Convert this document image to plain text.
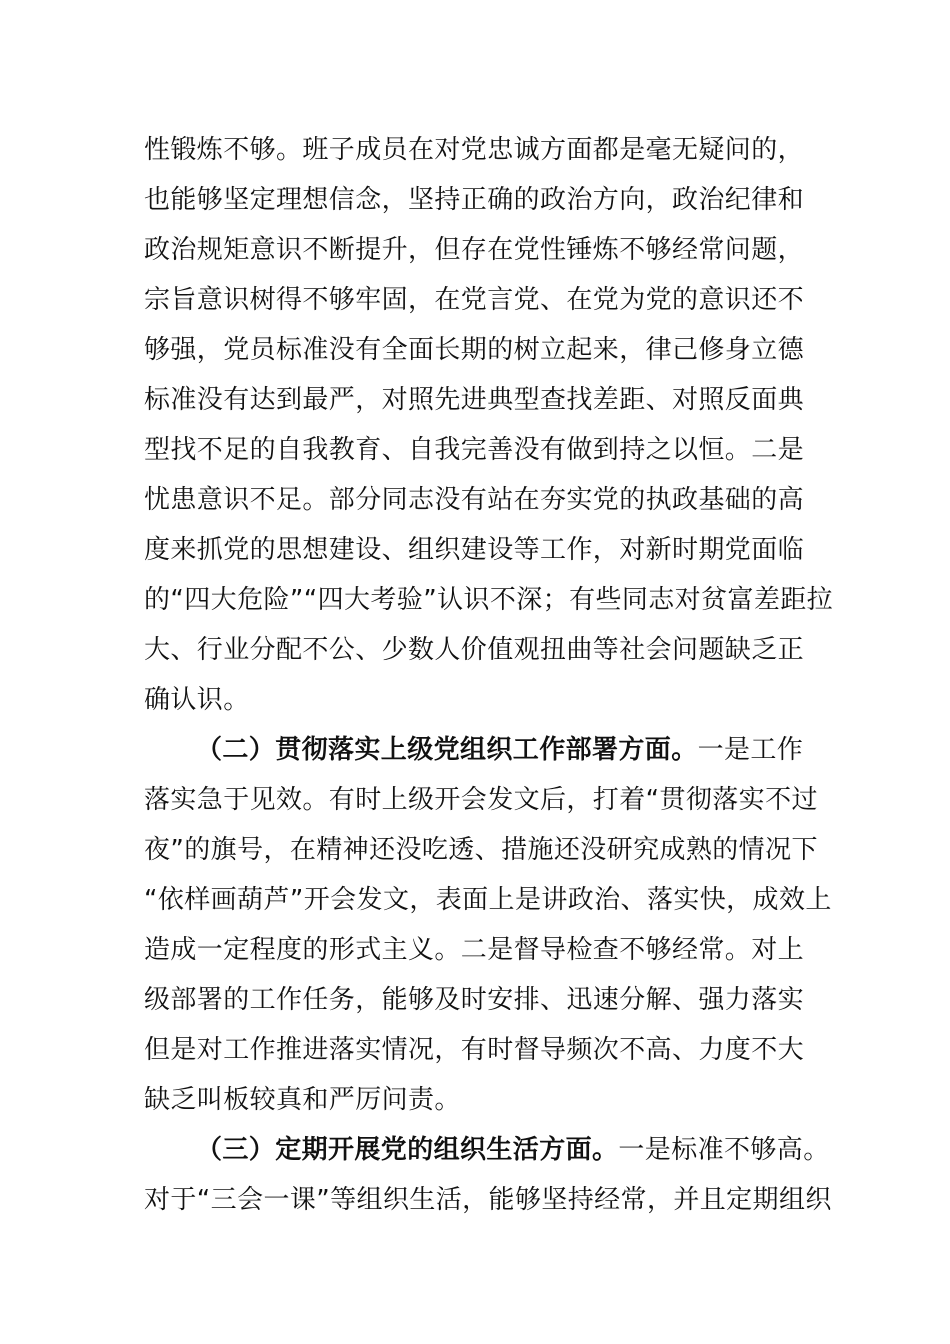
性锻炼不够。班子成员在对党忠诚方面都是毫无疑问的，
也能够坚定理想信念，坚持正确的政治方向，政治纪律和
政治规矩意识不断提升，但存在党性锤炼不够经常问题，
宗旨意识树得不够牢固，在党言党、在党为党的意识还不
够强，党员标准没有全面长期的树立起来，律己修身立德
标准没有达到最严，对照先进典型查找差距、对照反面典
型找不足的自我教育、自我完善没有做到持之以恒。二是
忧患意识不足。部分同志没有站在夯实党的执政基础的高
度来抓党的思想建设、组织建设等工作，对新时期党面临
的“四大危险”“四大考验”认识不深；有些同志对贫富差距拉
大、行业分配不公、少数人价值观扭曲等社会问题缺乏正
确认识。
（二）贯彻落实上级党组织工作部署方面。一是工作
落实急于见效。有时上级开会发文后，打着“贯彻落实不过
夜”的旗号，在精神还没吃透、措施还没研究成熟的情况下
“依样画葫芦”开会发文，表面上是讲政治、落实快，成效上
造成一定程度的形式主义。二是督导检查不够经常。对上
级部署的工作任务，能够及时安排、迅速分解、强力落实
但是对工作推进落实情况，有时督导频次不高、力度不大
缺乏叫板较真和严厉问责。
（三）定期开展党的组织生活方面。一是标准不够高。
对于“三会一课”等组织生活，能够坚持经常，并且定期组织
